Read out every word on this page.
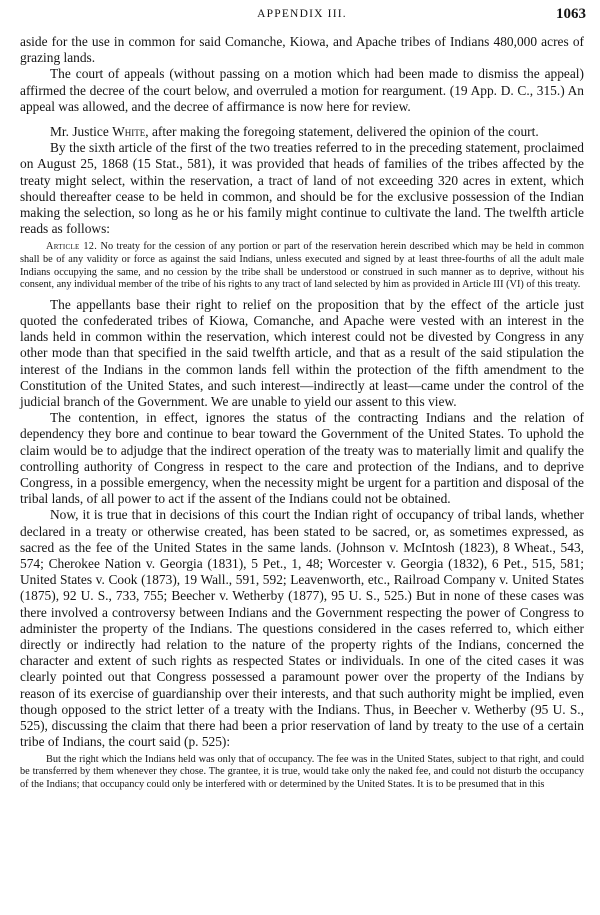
APPENDIX III.	1063

aside for the use in common for said Comanche, Kiowa, and Apache tribes of Indians 480,000 acres of grazing lands.

The court of appeals (without passing on a motion which had been made to dismiss the appeal) affirmed the decree of the court below, and overruled a motion for reargument. (19 App. D. C., 315.) An appeal was allowed, and the decree of affirmance is now here for review.

Mr. Justice White, after making the foregoing statement, delivered the opinion of the court.

By the sixth article of the first of the two treaties referred to in the preceding statement, proclaimed on August 25, 1868 (15 Stat., 581), it was provided that heads of families of the tribes affected by the treaty might select, within the reservation, a tract of land of not exceeding 320 acres in extent, which should thereafter cease to be held in common, and should be for the exclusive possession of the Indian making the selection, so long as he or his family might continue to cultivate the land. The twelfth article reads as follows:

Article 12. No treaty for the cession of any portion or part of the reservation herein described which may be held in common shall be of any validity or force as against the said Indians, unless executed and signed by at least three-fourths of all the adult male Indians occupying the same, and no cession by the tribe shall be understood or construed in such manner as to deprive, without his consent, any individual member of the tribe of his rights to any tract of land selected by him as provided in Article III (VI) of this treaty.

The appellants base their right to relief on the proposition that by the effect of the article just quoted the confederated tribes of Kiowa, Comanche, and Apache were vested with an interest in the lands held in common within the reservation, which interest could not be divested by Congress in any other mode than that specified in the said twelfth article, and that as a result of the said stipulation the interest of the Indians in the common lands fell within the protection of the fifth amendment to the Constitution of the United States, and such interest—indirectly at least—came under the control of the judicial branch of the Government. We are unable to yield our assent to this view.

The contention, in effect, ignores the status of the contracting Indians and the relation of dependency they bore and continue to bear toward the Government of the United States. To uphold the claim would be to adjudge that the indirect operation of the treaty was to materially limit and qualify the controlling authority of Congress in respect to the care and protection of the Indians, and to deprive Congress, in a possible emergency, when the necessity might be urgent for a partition and disposal of the tribal lands, of all power to act if the assent of the Indians could not be obtained.

Now, it is true that in decisions of this court the Indian right of occupancy of tribal lands, whether declared in a treaty or otherwise created, has been stated to be sacred, or, as sometimes expressed, as sacred as the fee of the United States in the same lands. (Johnson v. McIntosh (1823), 8 Wheat., 543, 574; Cherokee Nation v. Georgia (1831), 5 Pet., 1, 48; Worcester v. Georgia (1832), 6 Pet., 515, 581; United States v. Cook (1873), 19 Wall., 591, 592; Leavenworth, etc., Railroad Company v. United States (1875), 92 U. S., 733, 755; Beecher v. Wetherby (1877), 95 U. S., 525.) But in none of these cases was there involved a controversy between Indians and the Government respecting the power of Congress to administer the property of the Indians. The questions considered in the cases referred to, which either directly or indirectly had relation to the nature of the property rights of the Indians, concerned the character and extent of such rights as respected States or individuals. In one of the cited cases it was clearly pointed out that Congress possessed a paramount power over the property of the Indians by reason of its exercise of guardianship over their interests, and that such authority might be implied, even though opposed to the strict letter of a treaty with the Indians. Thus, in Beecher v. Wetherby (95 U. S., 525), discussing the claim that there had been a prior reservation of land by treaty to the use of a certain tribe of Indians, the court said (p. 525):

But the right which the Indians held was only that of occupancy. The fee was in the United States, subject to that right, and could be transferred by them whenever they chose. The grantee, it is true, would take only the naked fee, and could not disturb the occupancy of the Indians; that occupancy could only be interfered with or determined by the United States. It is to be presumed that in this
